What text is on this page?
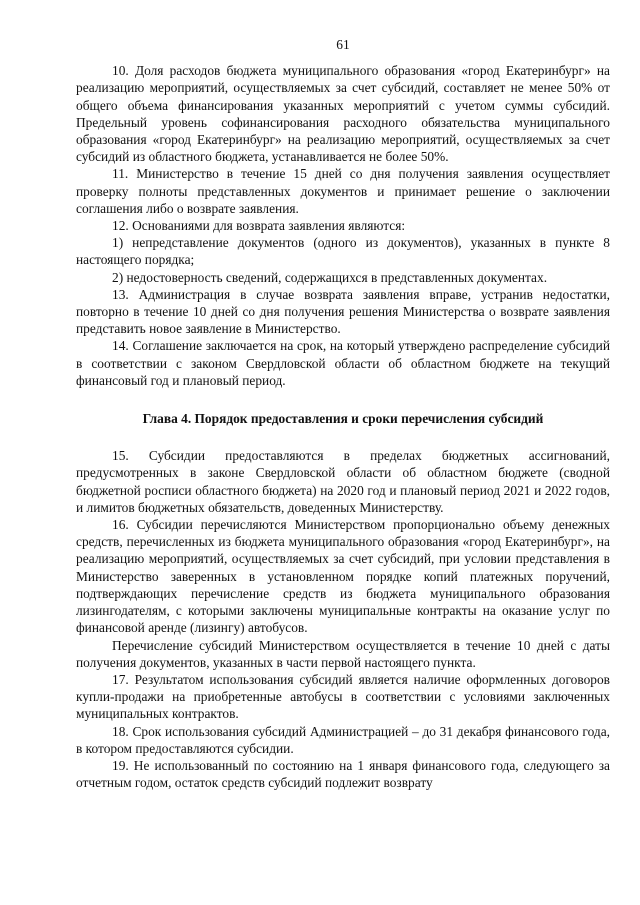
61

10. Доля расходов бюджета муниципального образования «город Екатеринбург» на реализацию мероприятий, осуществляемых за счет субсидий, составляет не менее 50% от общего объема финансирования указанных мероприятий с учетом суммы субсидий. Предельный уровень софинансирования расходного обязательства муниципального образования «город Екатеринбург» на реализацию мероприятий, осуществляемых за счет субсидий из областного бюджета, устанавливается не более 50%.

11. Министерство в течение 15 дней со дня получения заявления осуществляет проверку полноты представленных документов и принимает решение о заключении соглашения либо о возврате заявления.

12. Основаниями для возврата заявления являются:

1) непредставление документов (одного из документов), указанных в пункте 8 настоящего порядка;

2) недостоверность сведений, содержащихся в представленных документах.

13. Администрация в случае возврата заявления вправе, устранив недостатки, повторно в течение 10 дней со дня получения решения Министерства о возврате заявления представить новое заявление в Министерство.

14. Соглашение заключается на срок, на который утверждено распределение субсидий в соответствии с законом Свердловской области об областном бюджете на текущий финансовый год и плановый период.

Глава 4. Порядок предоставления и сроки перечисления субсидий

15. Субсидии предоставляются в пределах бюджетных ассигнований, предусмотренных в законе Свердловской области об областном бюджете (сводной бюджетной росписи областного бюджета) на 2020 год и плановый период 2021 и 2022 годов, и лимитов бюджетных обязательств, доведенных Министерству.

16. Субсидии перечисляются Министерством пропорционально объему денежных средств, перечисленных из бюджета муниципального образования «город Екатеринбург», на реализацию мероприятий, осуществляемых за счет субсидий, при условии представления в Министерство заверенных в установленном порядке копий платежных поручений, подтверждающих перечисление средств из бюджета муниципального образования лизингодателям, с которыми заключены муниципальные контракты на оказание услуг по финансовой аренде (лизингу) автобусов.

Перечисление субсидий Министерством осуществляется в течение 10 дней с даты получения документов, указанных в части первой настоящего пункта.

17. Результатом использования субсидий является наличие оформленных договоров купли-продажи на приобретенные автобусы в соответствии с условиями заключенных муниципальных контрактов.

18. Срок использования субсидий Администрацией – до 31 декабря финансового года, в котором предоставляются субсидии.

19. Не использованный по состоянию на 1 января финансового года, следующего за отчетным годом, остаток средств субсидий подлежит возврату
